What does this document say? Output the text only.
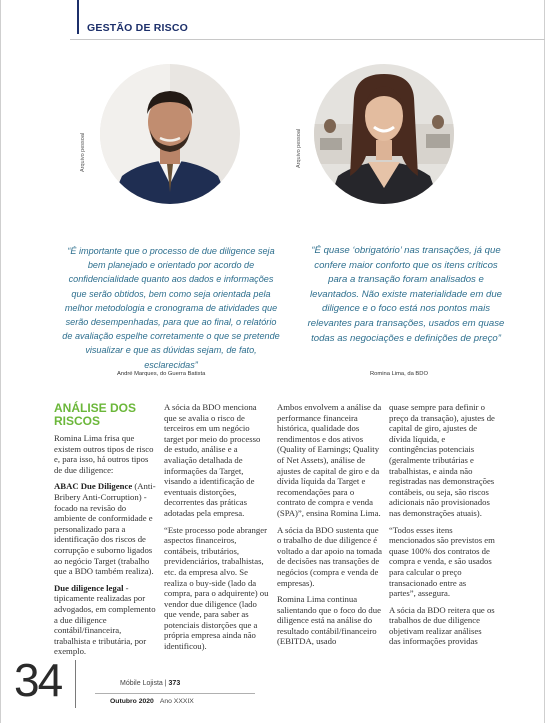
GESTÃO DE RISCO
Arquivo pessoal	Arquivo pessoal
“É importante que o processo de due diligence seja bem planejado e orientado por acordo de confidencialidade quanto aos dados e informações que serão obtidos, bem como seja orientada pela melhor metodologia e cronograma de atividades que serão desempenhadas, para que ao final, o relatório de avaliação espelhe corretamente o que se pretende visualizar e que as dúvidas sejam, de fato, esclarecidas”
André Marques, do Guerra Batista
“É quase ‘obrigatório’ nas transações, já que confere maior conforto que os itens críticos para a transação foram analisados e levantados. Não existe materialidade em due diligence e o foco está nos pontos mais relevantes para transações, usados em quase todas as negociações e definições de preço”
Romina Lima, da BDO
ANÁLISE DOS RISCOS

Romina Lima frisa que existem outros tipos de risco e, para isso, há outros tipos de due diligence:

ABAC Due Diligence (Anti-Bribery Anti-Corruption) - focado na revisão do ambiente de conformidade e personalizado para a identificação dos riscos de corrupção e suborno ligados ao negócio Target (trabalho que a BDO também realiza).

Due diligence legal - tipicamente realizadas por advogados, em complemento a due diligence contábil/financeira, trabalhista e tributária, por exemplo.

A sócia da BDO menciona que se avalia o risco de terceiros em um negócio target por meio do processo de estudo, análise e a avaliação detalhada de informações da Target, visando a identificação de eventuais distorções, decorrentes das práticas adotadas pela empresa.

“Este processo pode abranger aspectos financeiros, contábeis, tributários, previdenciários, trabalhistas, etc. da empresa alvo. Se realiza o buy-side (lado da compra, para o adquirente) ou vendor due diligence (lado que vende, para saber as potenciais distorções que a própria empresa ainda não identificou).

Ambos envolvem a análise da performance financeira histórica, qualidade dos rendimentos e dos ativos (Quality of Earnings; Quality of Net Assets), análise de ajustes de capital de giro e da dívida líquida da Target e recomendações para o contrato de compra e venda (SPA)”, ensina Romina Lima.

A sócia da BDO sustenta que o trabalho de due diligence é voltado a dar apoio na tomada de decisões nas transações de negócios (compra e venda de empresas).

Romina Lima continua salientando que o foco do due diligence está na análise do resultado contábil/financeiro (EBITDA, usado

quase sempre para definir o preço da transação), ajustes de capital de giro, ajustes de dívida líquida, e contingências potenciais (geralmente tributárias e trabalhistas, e ainda não registradas nas demonstrações contábeis, ou seja, são riscos adicionais não provisionados nas demonstrações atuais).

“Todos esses itens mencionados são previstos em quase 100% dos contratos de compra e venda, e são usados para calcular o preço transacionado entre as partes”, assegura.

A sócia da BDO reitera que os trabalhos de due diligence objetivam realizar análises das informações providas

34	Móbile Lojista | 373
Outubro 2020 Ano XXXIX
